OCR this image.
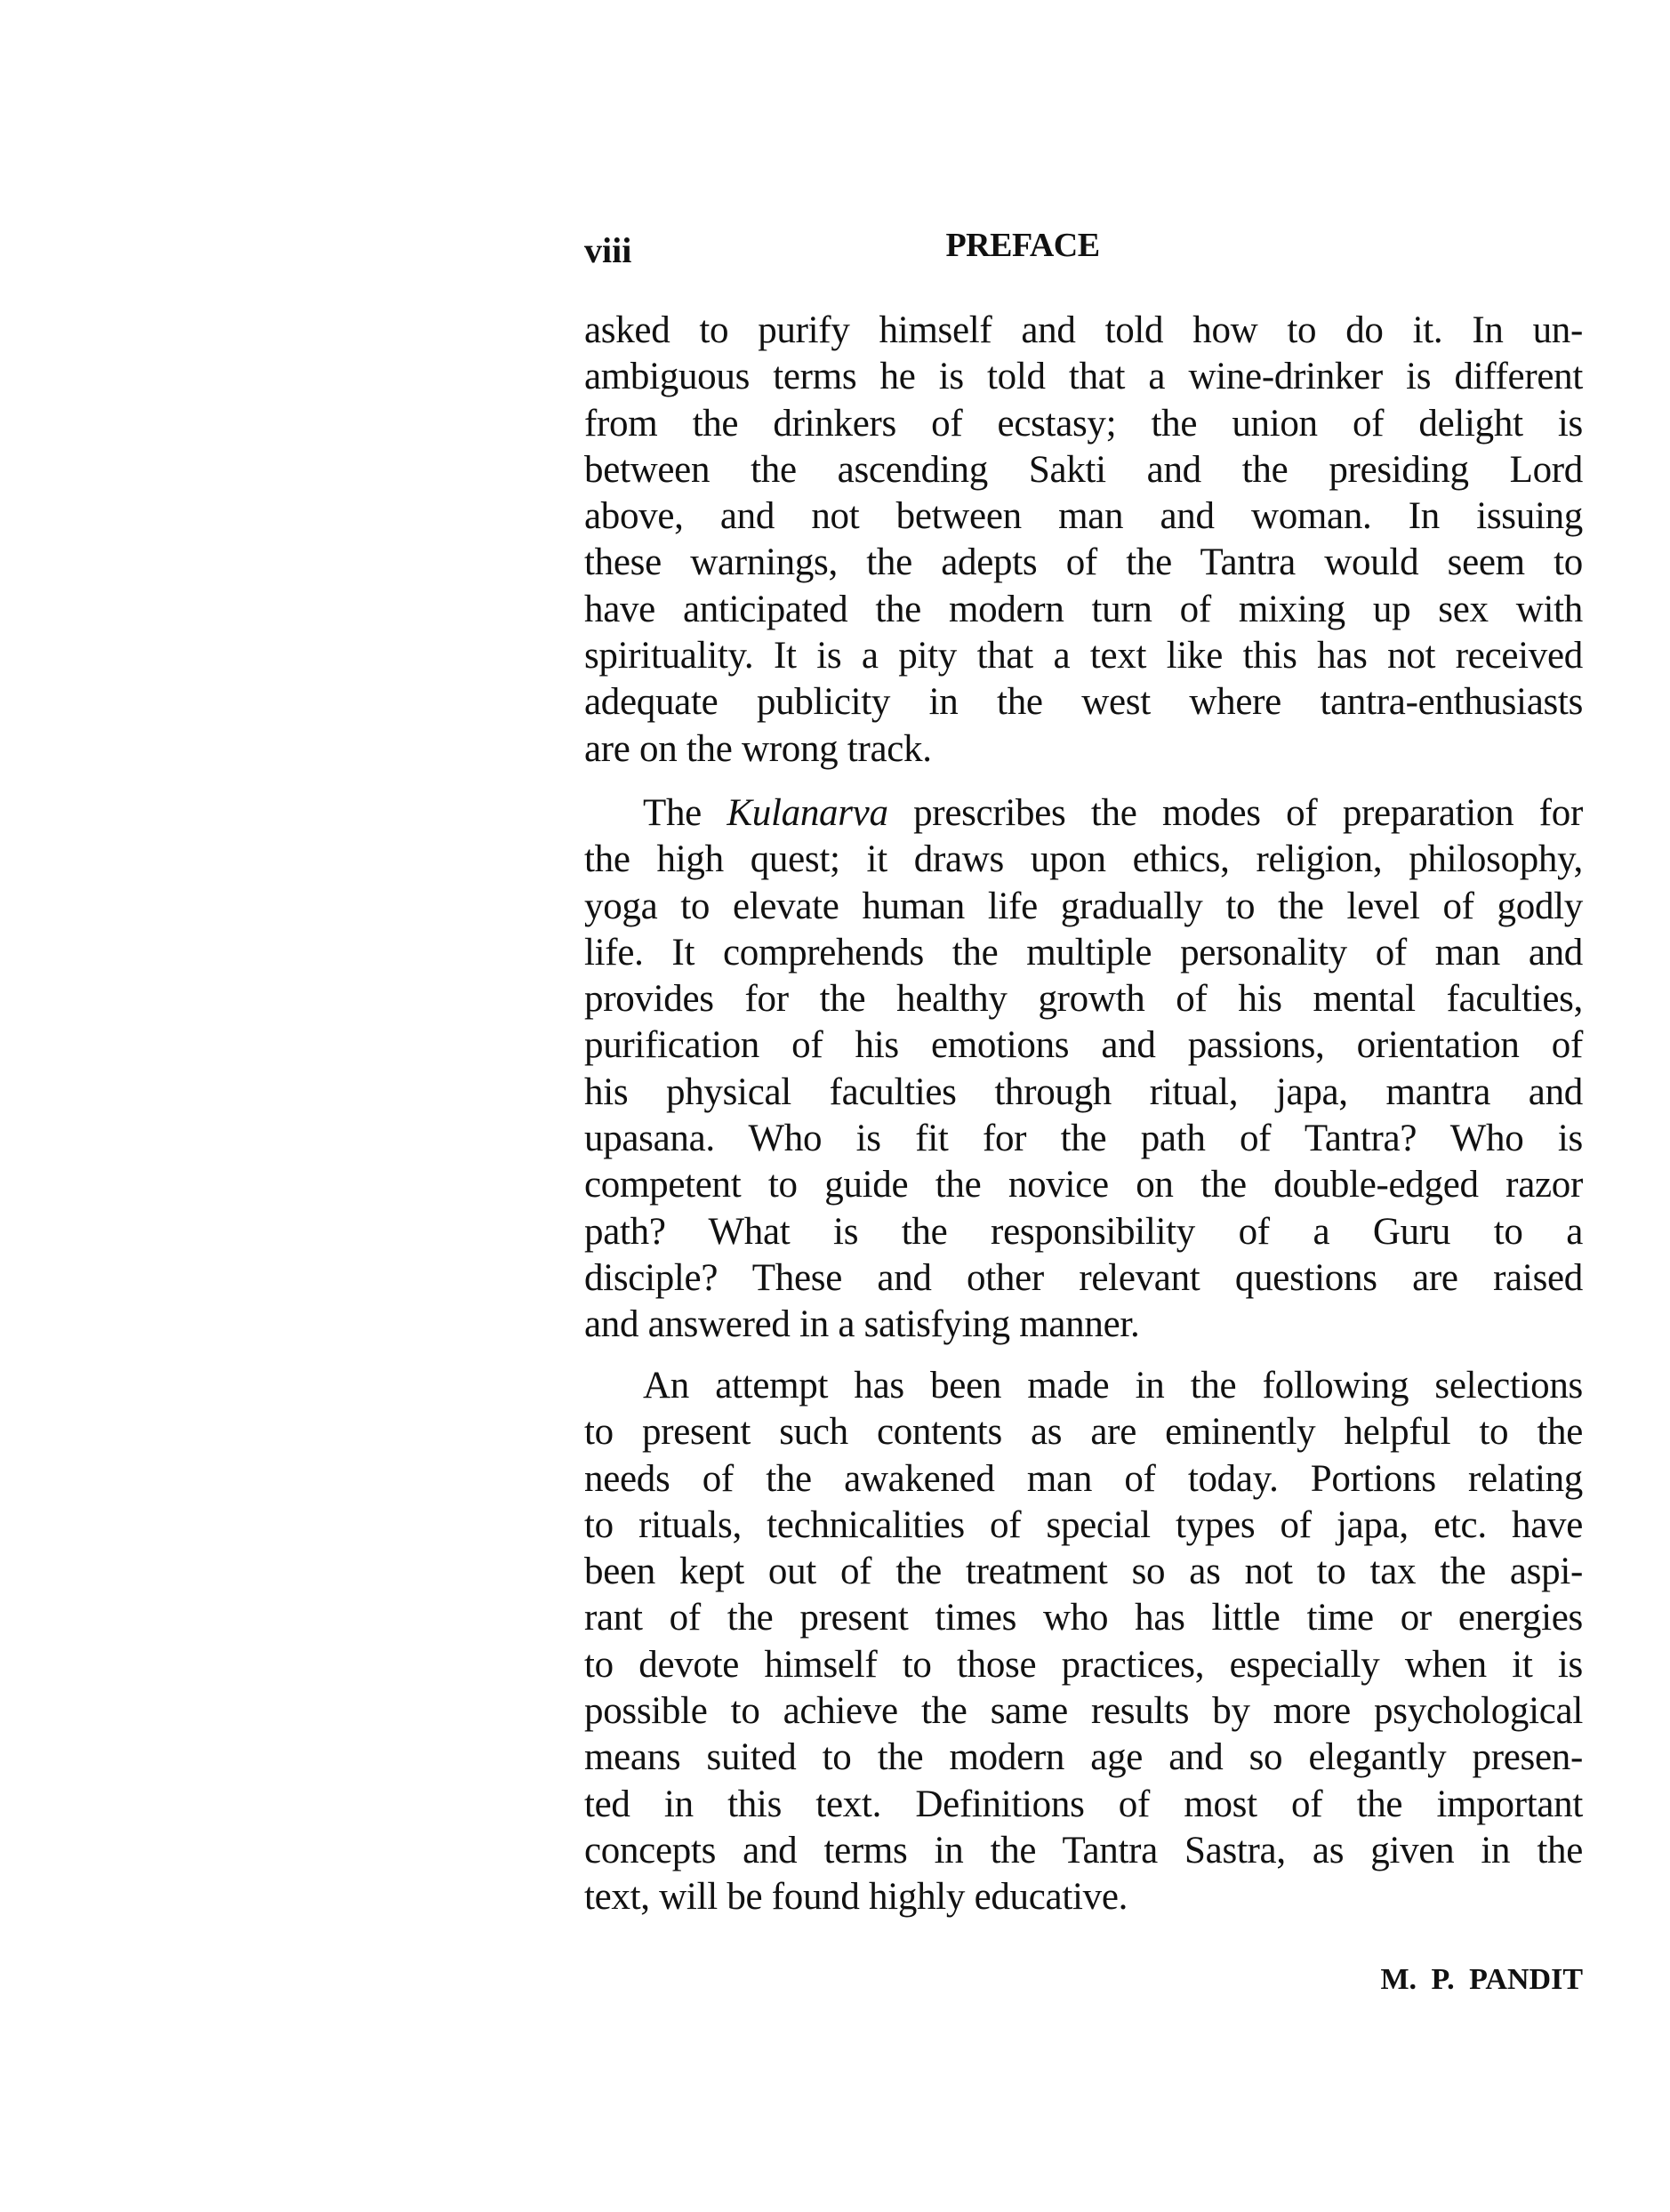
viii	PREFACE
asked to purify himself and told how to do it. In un-
ambiguous terms he is told that a wine-drinker is different
from the drinkers of ecstasy; the union of delight is
between the ascending Sakti and the presiding Lord
above, and not between man and woman. In issuing
these warnings, the adepts of the Tantra would seem to
have anticipated the modern turn of mixing up sex with
spirituality. It is a pity that a text like this has not received
adequate publicity in the west where tantra-enthusiasts
are on the wrong track.
The Kulanarva prescribes the modes of preparation for
the high quest; it draws upon ethics, religion, philosophy,
yoga to elevate human life gradually to the level of godly
life. It comprehends the multiple personality of man and
provides for the healthy growth of his mental faculties,
purification of his emotions and passions, orientation of
his physical faculties through ritual, japa, mantra and
upasana. Who is fit for the path of Tantra? Who is
competent to guide the novice on the double-edged razor
path? What is the responsibility of a Guru to a
disciple? These and other relevant questions are raised
and answered in a satisfying manner.
An attempt has been made in the following selections
to present such contents as are eminently helpful to the
needs of the awakened man of today. Portions relating
to rituals, technicalities of special types of japa, etc. have
been kept out of the treatment so as not to tax the aspi-
rant of the present times who has little time or energies
to devote himself to those practices, especially when it is
possible to achieve the same results by more psychological
means suited to the modern age and so elegantly presen-
ted in this text. Definitions of most of the important
concepts and terms in the Tantra Sastra, as given in the
text, will be found highly educative.
M. P. PANDIT
